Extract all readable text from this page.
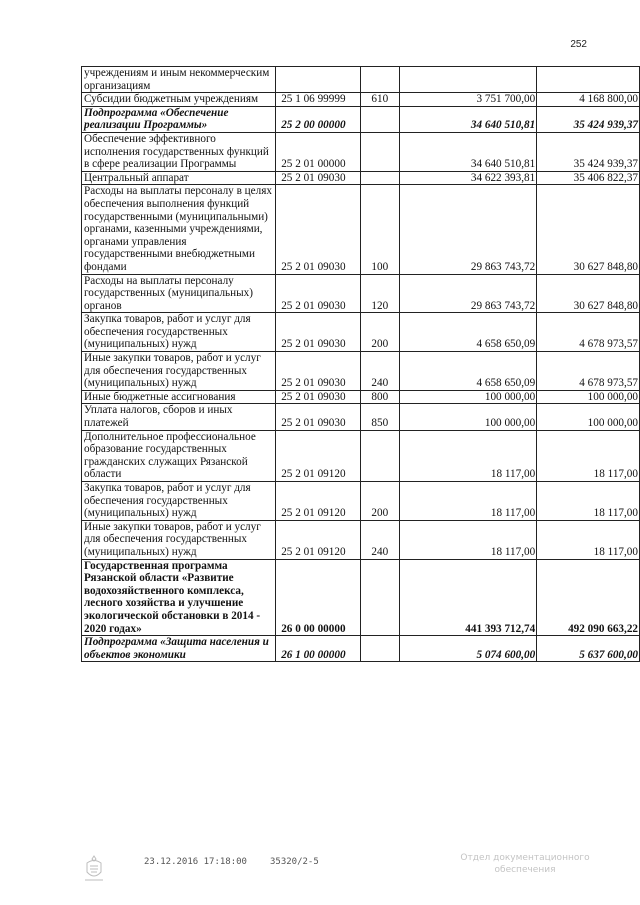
252
учреждениям и иным некоммерческим организациям				
Субсидии бюджетным учреждениям	25 1 06 99999	610	3 751 700,00	4 168 800,00
Подпрограмма «Обеспечение реализации Программы»	25 2 00 00000		34 640 510,81	35 424 939,37
Обеспечение эффективного исполнения государственных функций в сфере реализации Программы	25 2 01 00000		34 640 510,81	35 424 939,37
Центральный аппарат	25 2 01 09030		34 622 393,81	35 406 822,37
Расходы на выплаты персоналу в целях обеспечения выполнения функций государственными (муниципальными) органами, казенными учреждениями, органами управления государственными внебюджетными фондами	25 2 01 09030	100	29 863 743,72	30 627 848,80
Расходы на выплаты персоналу государственных (муниципальных) органов	25 2 01 09030	120	29 863 743,72	30 627 848,80
Закупка товаров, работ и услуг для обеспечения государственных (муниципальных) нужд	25 2 01 09030	200	4 658 650,09	4 678 973,57
Иные закупки товаров, работ и услуг для обеспечения государственных (муниципальных) нужд	25 2 01 09030	240	4 658 650,09	4 678 973,57
Иные бюджетные ассигнования	25 2 01 09030	800	100 000,00	100 000,00
Уплата налогов, сборов и иных платежей	25 2 01 09030	850	100 000,00	100 000,00
Дополнительное профессиональное образование государственных гражданских служащих Рязанской области	25 2 01 09120		18 117,00	18 117,00
Закупка товаров, работ и услуг для обеспечения государственных (муниципальных) нужд	25 2 01 09120	200	18 117,00	18 117,00
Иные закупки товаров, работ и услуг для обеспечения государственных (муниципальных) нужд	25 2 01 09120	240	18 117,00	18 117,00
Государственная программа Рязанской области «Развитие водохозяйственного комплекса, лесного хозяйства и улучшение экологической обстановки в 2014 - 2020 годах»	26 0 00 00000		441 393 712,74	492 090 663,22
Подпрограмма «Защита населения и объектов экономики	26 1 00 00000		5 074 600,00	5 637 600,00
23.12.2016 17:18:00	35320/2-5	Отдел документационного
обеспечения
